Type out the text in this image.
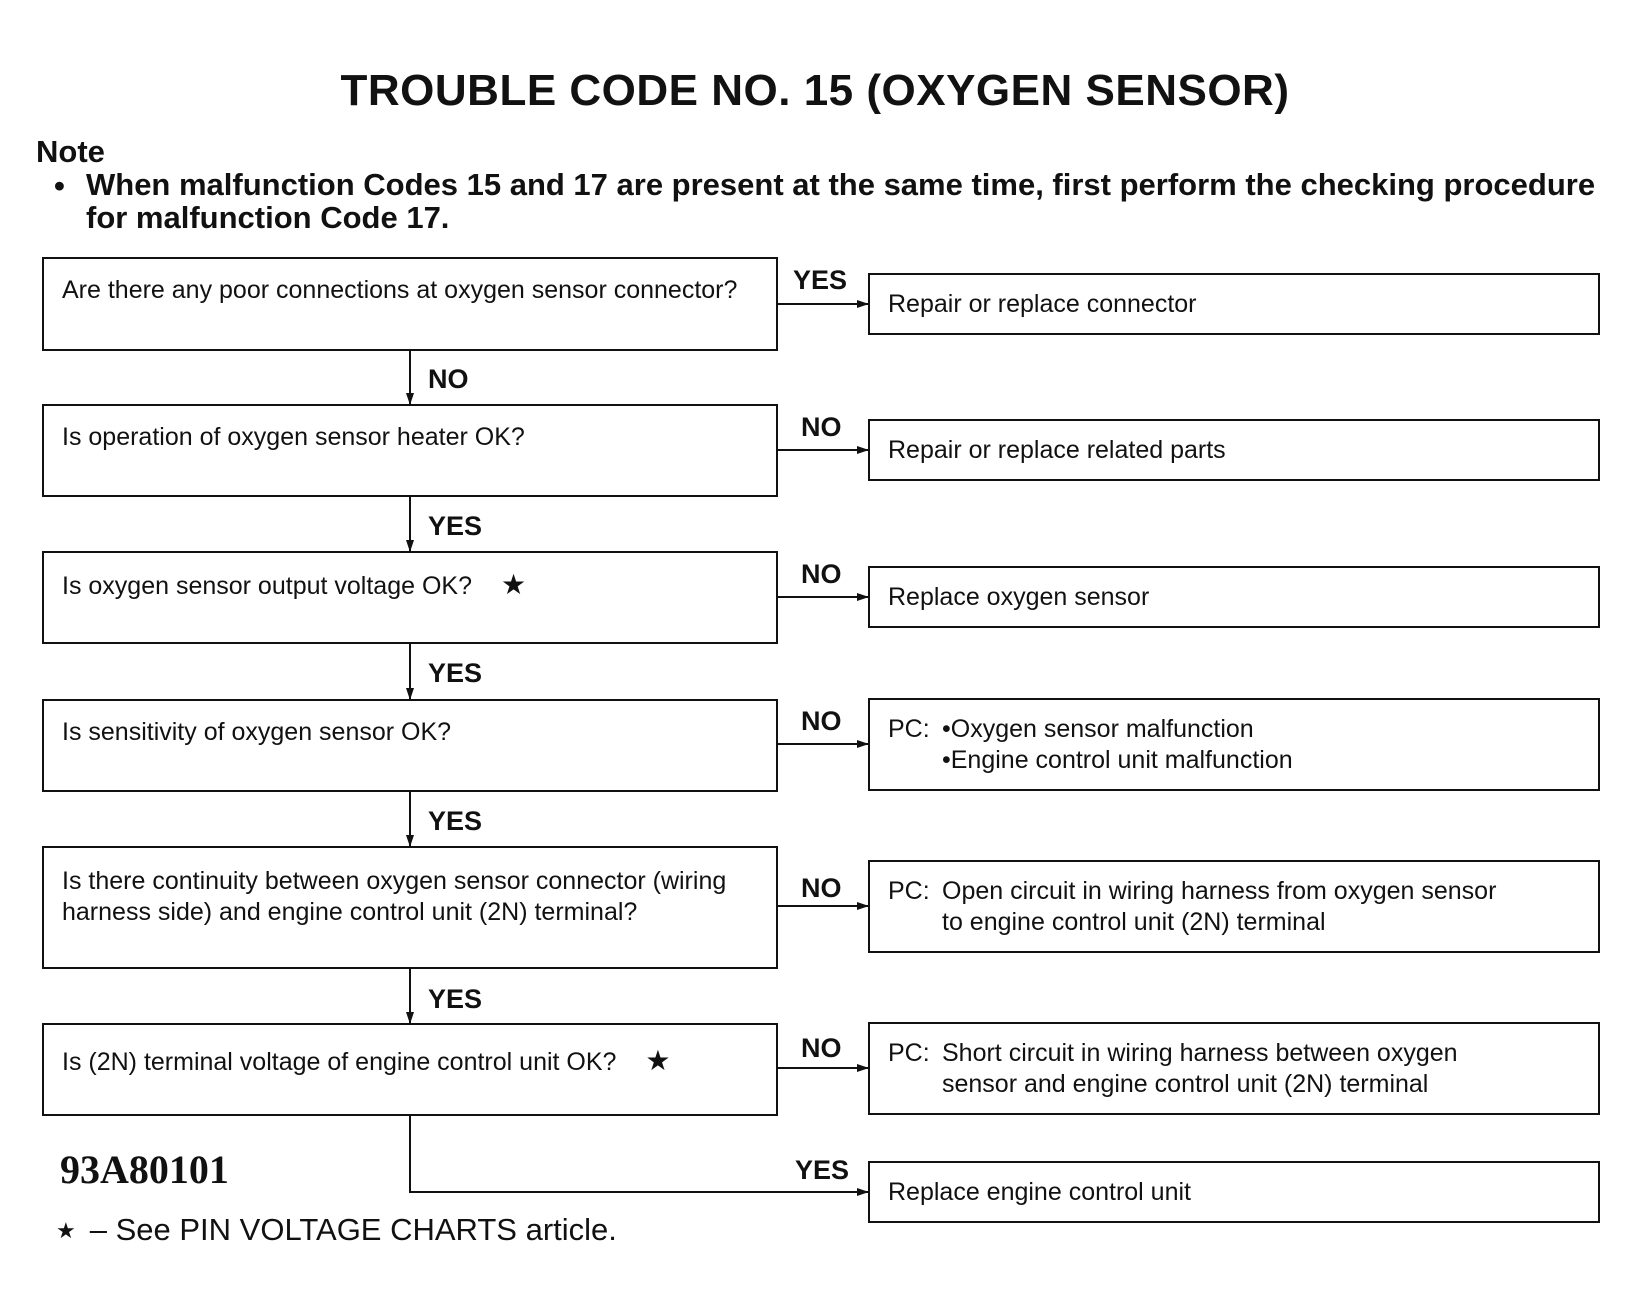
TROUBLE CODE NO. 15 (OXYGEN SENSOR)
Note
• When malfunction Codes 15 and 17 are present at the same time, first perform the checking procedure for malfunction Code 17.
Are there any poor connections at oxygen sensor connector?
Is operation of oxygen sensor heater OK?
Is oxygen sensor output voltage OK? ★
Is sensitivity of oxygen sensor OK?
Is there continuity between oxygen sensor connector (wiring harness side) and engine control unit (2N) terminal?
Is (2N) terminal voltage of engine control unit OK? ★
YES
NO
NO
NO
NO
NO
YES
NO
YES
YES
YES
YES
Repair or replace connector
Repair or replace related parts
Replace oxygen sensor
PC: •Oxygen sensor malfunction
•Engine control unit malfunction
PC: Open circuit in wiring harness from oxygen sensor
to engine control unit (2N) terminal
PC: Short circuit in wiring harness between oxygen
sensor and engine control unit (2N) terminal
Replace engine control unit
93A80101
★ – See PIN VOLTAGE CHARTS article.
